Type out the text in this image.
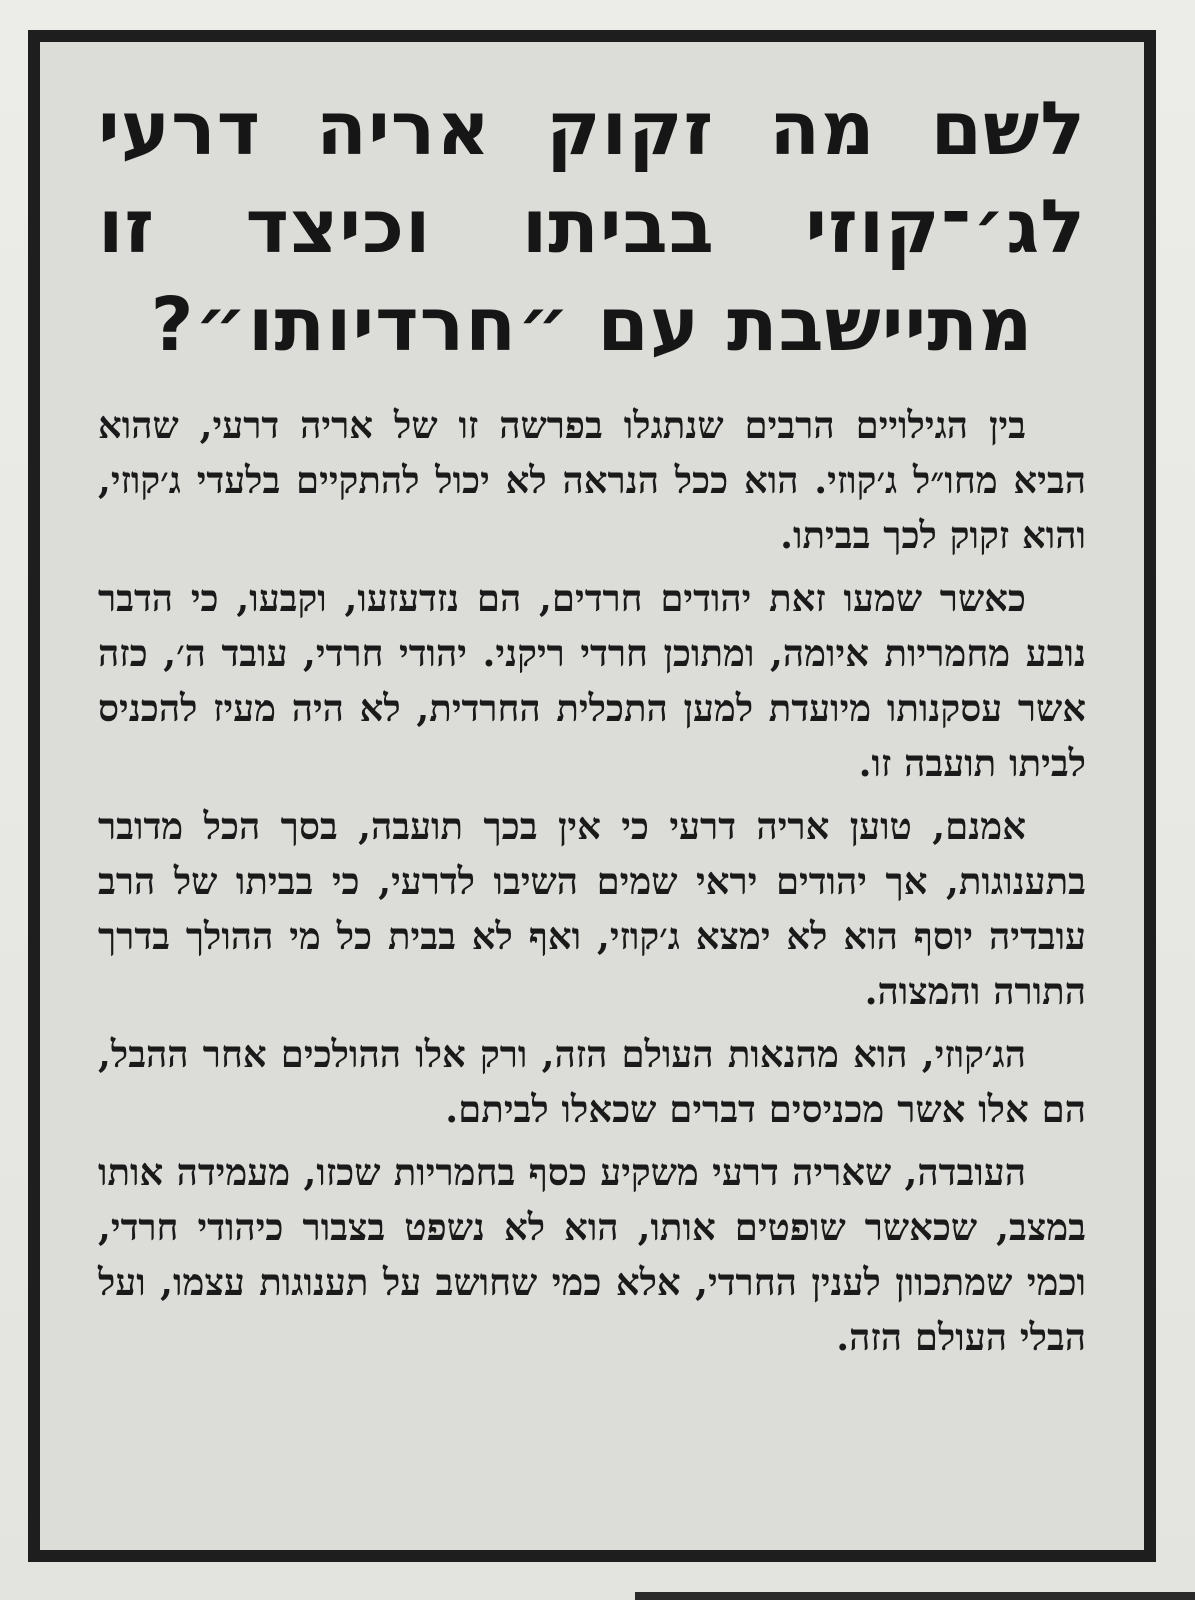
לשם מה זקוק אריה דרעי לג׳־קוזי בביתו וכיצד זו מתיישבת עם ״חרדיותו״?

בין הגילויים הרבים שנתגלו בפרשה זו של אריה דרעי, שהוא הביא מחו״ל ג׳קוזי. הוא ככל הנראה לא יכול להתקיים בלעדי ג׳קוזי, והוא זקוק לכך בביתו.

כאשר שמעו זאת יהודים חרדים, הם נזדעזעו, וקבעו, כי הדבר נובע מחמריות איומה, ומתוכן חרדי ריקני. יהודי חרדי, עובד ה׳, כזה אשר עסקנותו מיועדת למען התכלית החרדית, לא היה מעיז להכניס לביתו תועבה זו.

אמנם, טוען אריה דרעי כי אין בכך תועבה, בסך הכל מדובר בתענוגות, אך יהודים יראי שמים השיבו לדרעי, כי בביתו של הרב עובדיה יוסף הוא לא ימצא ג׳קוזי, ואף לא בבית כל מי ההולך בדרך התורה והמצוה.

הג׳קוזי, הוא מהנאות העולם הזה, ורק אלו ההולכים אחר ההבל, הם אלו אשר מכניסים דברים שכאלו לביתם.

העובדה, שאריה דרעי משקיע כסף בחמריות שכזו, מעמידה אותו במצב, שכאשר שופטים אותו, הוא לא נשפט בצבור כיהודי חרדי, וכמי שמתכוון לענין החרדי, אלא כמי שחושב על תענוגות עצמו, ועל הבלי העולם הזה.
